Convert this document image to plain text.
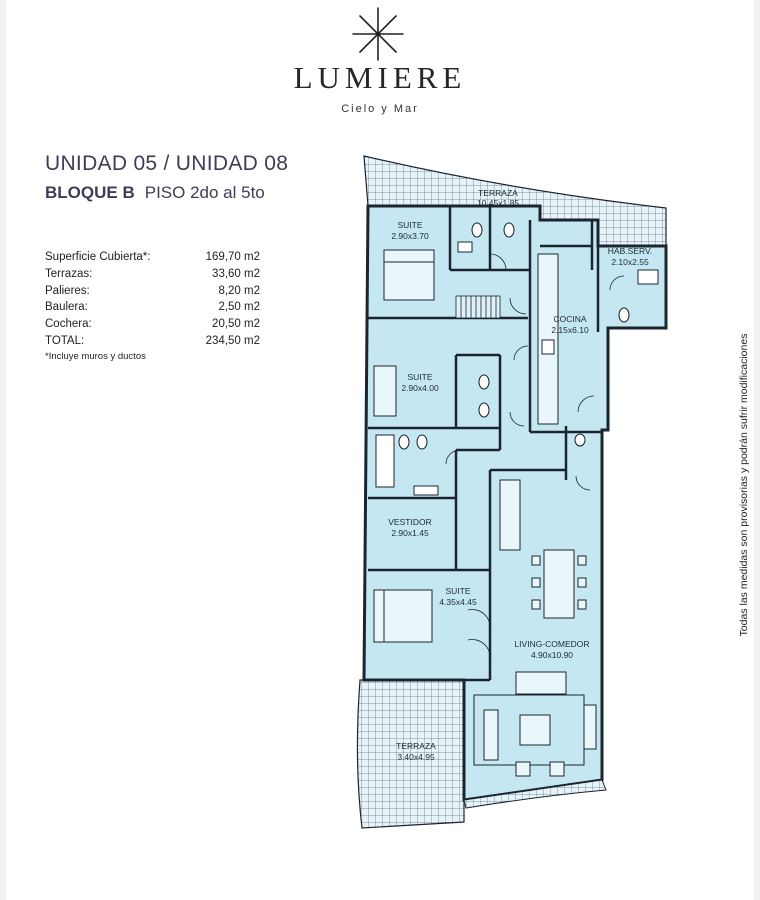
LUMIERE
Cielo y Mar
UNIDAD 05 / UNIDAD 08
BLOQUE B PISO 2do al 5to
Superficie Cubierta*:	169,70 m2
Terrazas:	33,60 m2
Palieres:	8,20 m2
Baulera:	2,50 m2
Cochera:	20,50 m2
TOTAL:	234,50 m2
*Incluye muros y ductos
TERRAZA
10.45x1.85
SUITE
2.90x3.70
HAB.SERV.
2.10x2.55
COCINA
2.15x6.10
SUITE
2.90x4.00
VESTIDOR
2.90x1.45
SUITE
4.35x4.45
LIVING-COMEDOR
4.90x10.90
TERRAZA
3.40x4.95
Todas las medidas son provisorias y podrán sufrir modificaciones
